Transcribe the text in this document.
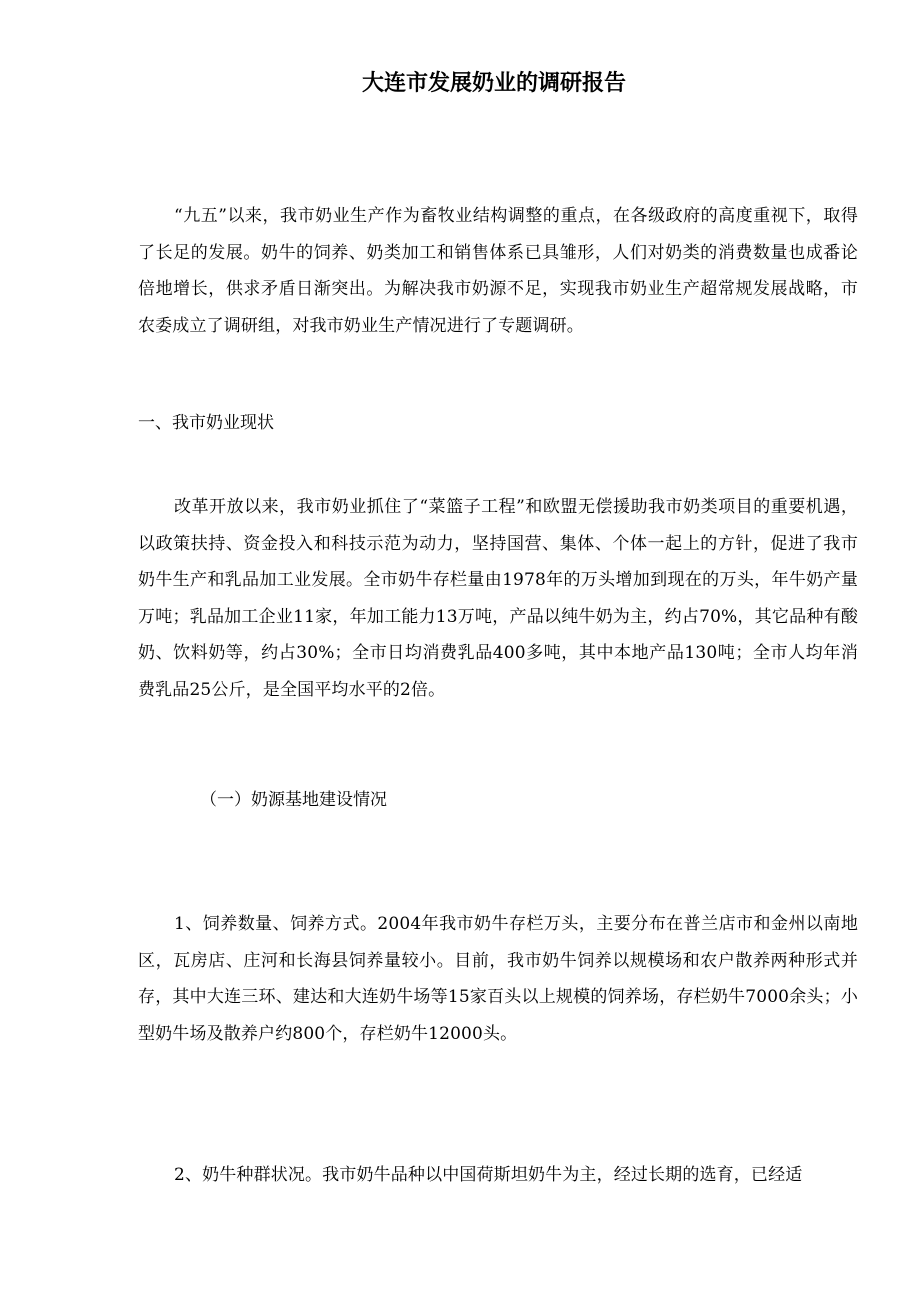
大连市发展奶业的调研报告

“九五”以来，我市奶业生产作为畜牧业结构调整的重点，在各级政府的高度重视下，取得了长足的发展。奶牛的饲养、奶类加工和销售体系已具雏形，人们对奶类的消费数量也成番论倍地增长，供求矛盾日渐突出。为解决我市奶源不足，实现我市奶业生产超常规发展战略，市农委成立了调研组，对我市奶业生产情况进行了专题调研。

一、我市奶业现状

改革开放以来，我市奶业抓住了“菜篮子工程”和欧盟无偿援助我市奶类项目的重要机遇，以政策扶持、资金投入和科技示范为动力，坚持国营、集体、个体一起上的方针，促进了我市奶牛生产和乳品加工业发展。全市奶牛存栏量由1978年的万头增加到现在的万头，年牛奶产量万吨；乳品加工企业11家，年加工能力13万吨，产品以纯牛奶为主，约占70%，其它品种有酸奶、饮料奶等，约占30%；全市日均消费乳品400多吨，其中本地产品130吨；全市人均年消费乳品25公斤，是全国平均水平的2倍。

（一）奶源基地建设情况

1、饲养数量、饲养方式。2004年我市奶牛存栏万头，主要分布在普兰店市和金州以南地区，瓦房店、庄河和长海县饲养量较小。目前，我市奶牛饲养以规模场和农户散养两种形式并存，其中大连三环、建达和大连奶牛场等15家百头以上规模的饲养场，存栏奶牛7000余头；小型奶牛场及散养户约800个，存栏奶牛12000头。

2、奶牛种群状况。我市奶牛品种以中国荷斯坦奶牛为主，经过长期的选育，已经适
